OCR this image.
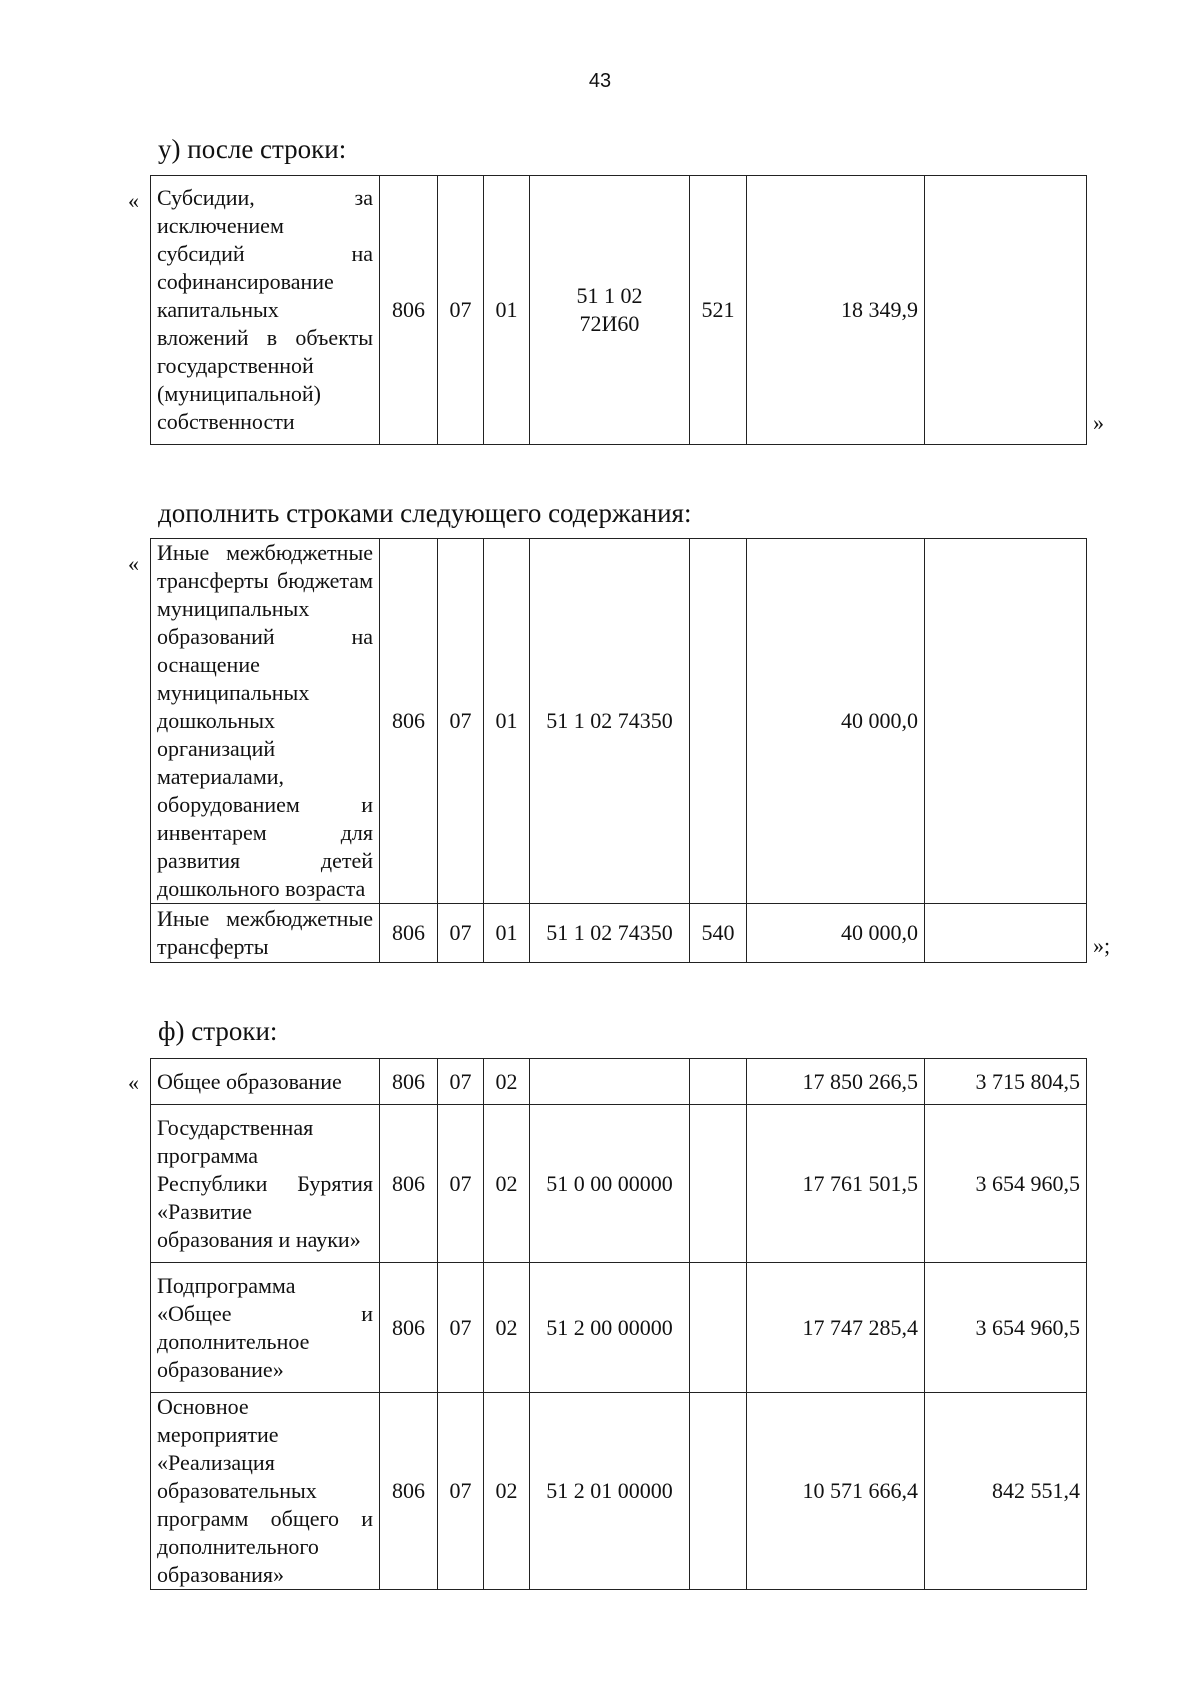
43
у) после строки:
«
»
Субсидии, за исключением субсидий на софинансирование капитальных вложений в объекты государственной (муниципальной) собственности	806	07	01	51 1 02 72И60	521	18 349,9	
дополнить строками следующего содержания:
«
»;
Иные межбюджетные трансферты бюджетам муниципальных образований на оснащение муниципальных дошкольных организаций материалами, оборудованием и инвентарем для развития детей дошкольного возраста	806	07	01	51 1 02 74350		40 000,0	
Иные межбюджетные трансферты	806	07	01	51 1 02 74350	540	40 000,0	
ф) строки:
« Общее образование	806	07	02			17 850 266,5	3 715 804,5
Государственная программа Республики Бурятия «Развитие образования и науки»	806	07	02	51 0 00 00000		17 761 501,5	3 654 960,5
Подпрограмма «Общее и дополнительное образование»	806	07	02	51 2 00 00000		17 747 285,4	3 654 960,5
Основное мероприятие «Реализация образовательных программ общего и дополнительного образования»	806	07	02	51 2 01 00000		10 571 666,4	842 551,4
